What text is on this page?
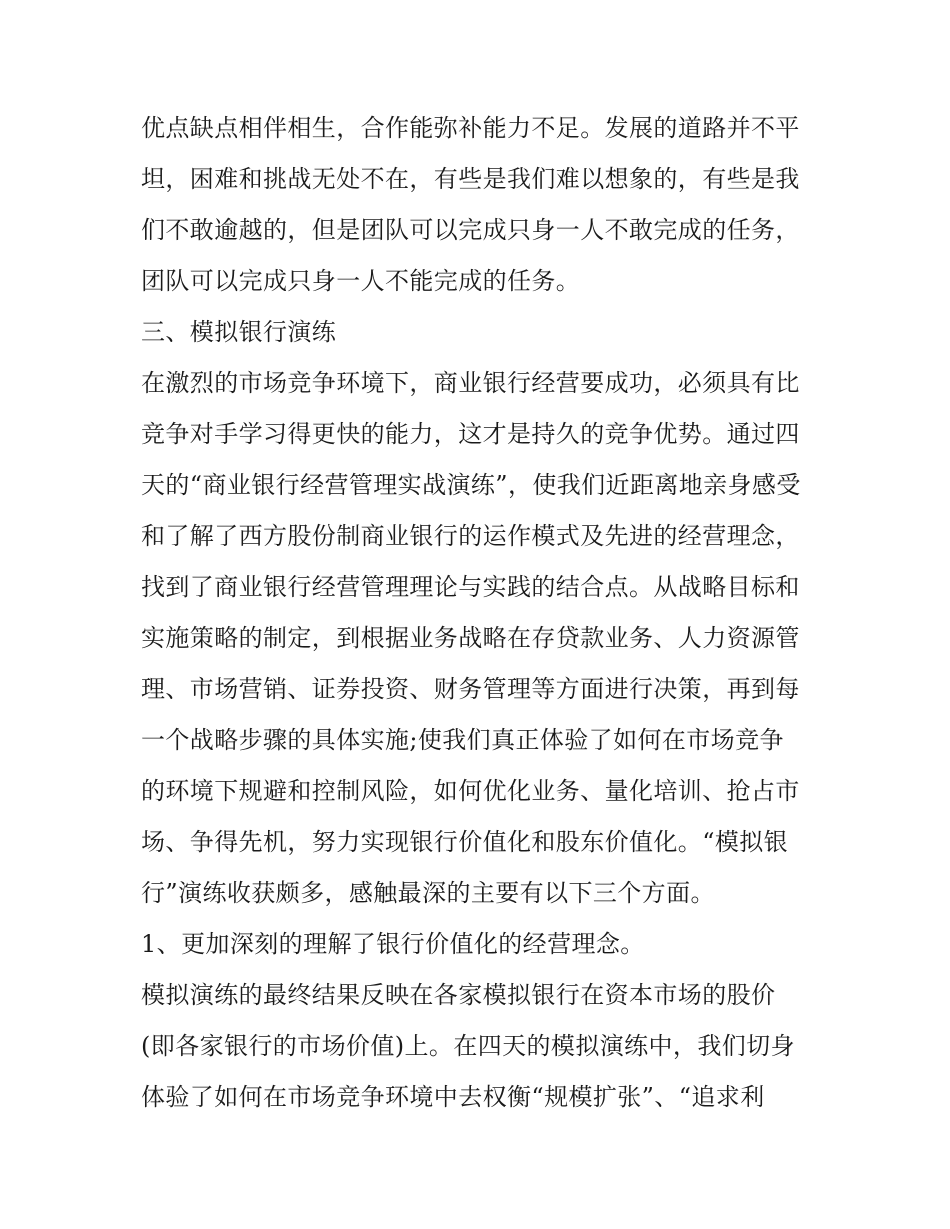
优点缺点相伴相生，合作能弥补能力不足。发展的道路并不平
坦，困难和挑战无处不在，有些是我们难以想象的，有些是我
们不敢逾越的，但是团队可以完成只身一人不敢完成的任务，
团队可以完成只身一人不能完成的任务。
三、模拟银行演练
在激烈的市场竞争环境下，商业银行经营要成功，必须具有比
竞争对手学习得更快的能力，这才是持久的竞争优势。通过四
天的“商业银行经营管理实战演练”，使我们近距离地亲身感受
和了解了西方股份制商业银行的运作模式及先进的经营理念，
找到了商业银行经营管理理论与实践的结合点。从战略目标和
实施策略的制定，到根据业务战略在存贷款业务、人力资源管
理、市场营销、证券投资、财务管理等方面进行决策，再到每
一个战略步骤的具体实施;使我们真正体验了如何在市场竞争
的环境下规避和控制风险，如何优化业务、量化培训、抢占市
场、争得先机，努力实现银行价值化和股东价值化。“模拟银
行”演练收获颇多，感触最深的主要有以下三个方面。
1、更加深刻的理解了银行价值化的经营理念。
模拟演练的最终结果反映在各家模拟银行在资本市场的股价
(即各家银行的市场价值)上。在四天的模拟演练中，我们切身
体验了如何在市场竞争环境中去权衡“规模扩张”、“追求利
